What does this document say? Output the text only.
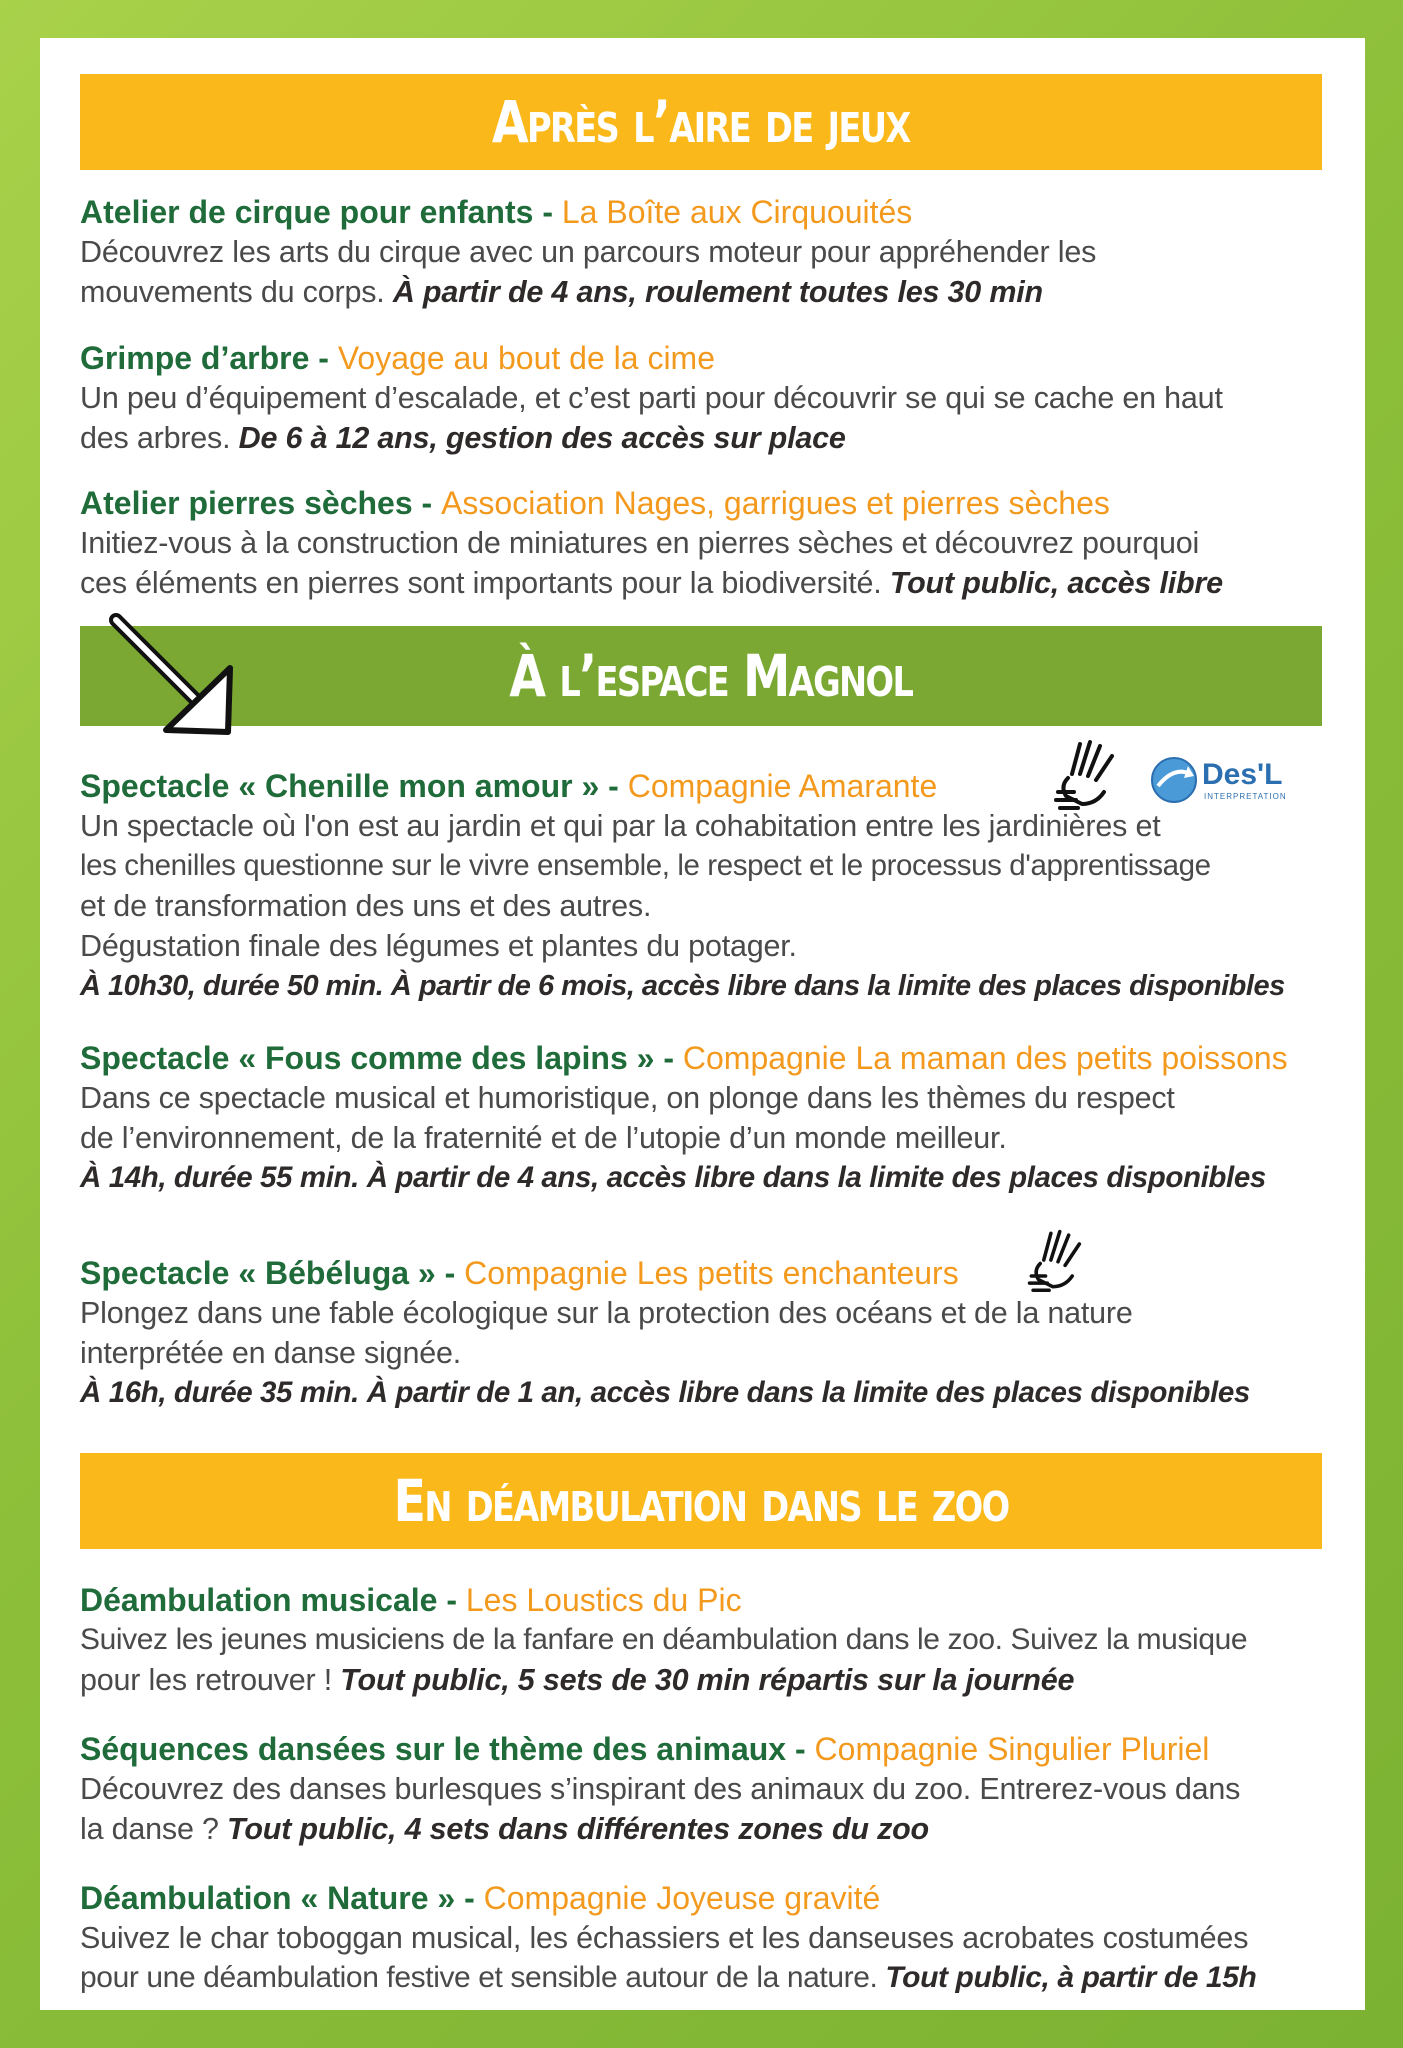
Après l’aire de jeux
Atelier de cirque pour enfants - La Boîte aux Cirquouités
Découvrez les arts du cirque avec un parcours moteur pour appréhender les
mouvements du corps. À partir de 4 ans, roulement toutes les 30 min
Grimpe d’arbre - Voyage au bout de la cime
Un peu d’équipement d’escalade, et c’est parti pour découvrir se qui se cache en haut
des arbres. De 6 à 12 ans, gestion des accès sur place
Atelier pierres sèches - Association Nages, garrigues et pierres sèches
Initiez-vous à la construction de miniatures en pierres sèches et découvrez pourquoi
ces éléments en pierres sont importants pour la biodiversité. Tout public, accès libre
À l’espace Magnol
Spectacle « Chenille mon amour » - Compagnie Amarante
Un spectacle où l'on est au jardin et qui par la cohabitation entre les jardinières et
les chenilles questionne sur le vivre ensemble, le respect et le processus d'apprentissage
et de transformation des uns et des autres.
Dégustation finale des légumes et plantes du potager.
À 10h30, durée 50 min. À partir de 6 mois, accès libre dans la limite des places disponibles
Des'L
INTERPRETATION
Spectacle « Fous comme des lapins » - Compagnie La maman des petits poissons
Dans ce spectacle musical et humoristique, on plonge dans les thèmes du respect
de l’environnement, de la fraternité et de l’utopie d’un monde meilleur.
À 14h, durée 55 min. À partir de 4 ans, accès libre dans la limite des places disponibles
Spectacle « Bébéluga » - Compagnie Les petits enchanteurs
Plongez dans une fable écologique sur la protection des océans et de la nature
interprétée en danse signée.
À 16h, durée 35 min. À partir de 1 an, accès libre dans la limite des places disponibles
En déambulation dans le zoo
Déambulation musicale - Les Loustics du Pic
Suivez les jeunes musiciens de la fanfare en déambulation dans le zoo. Suivez la musique
pour les retrouver ! Tout public, 5 sets de 30 min répartis sur la journée
Séquences dansées sur le thème des animaux - Compagnie Singulier Pluriel
Découvrez des danses burlesques s’inspirant des animaux du zoo. Entrerez-vous dans
la danse ? Tout public, 4 sets dans différentes zones du zoo
Déambulation « Nature » - Compagnie Joyeuse gravité
Suivez le char toboggan musical, les échassiers et les danseuses acrobates costumées
pour une déambulation festive et sensible autour de la nature. Tout public, à partir de 15h
